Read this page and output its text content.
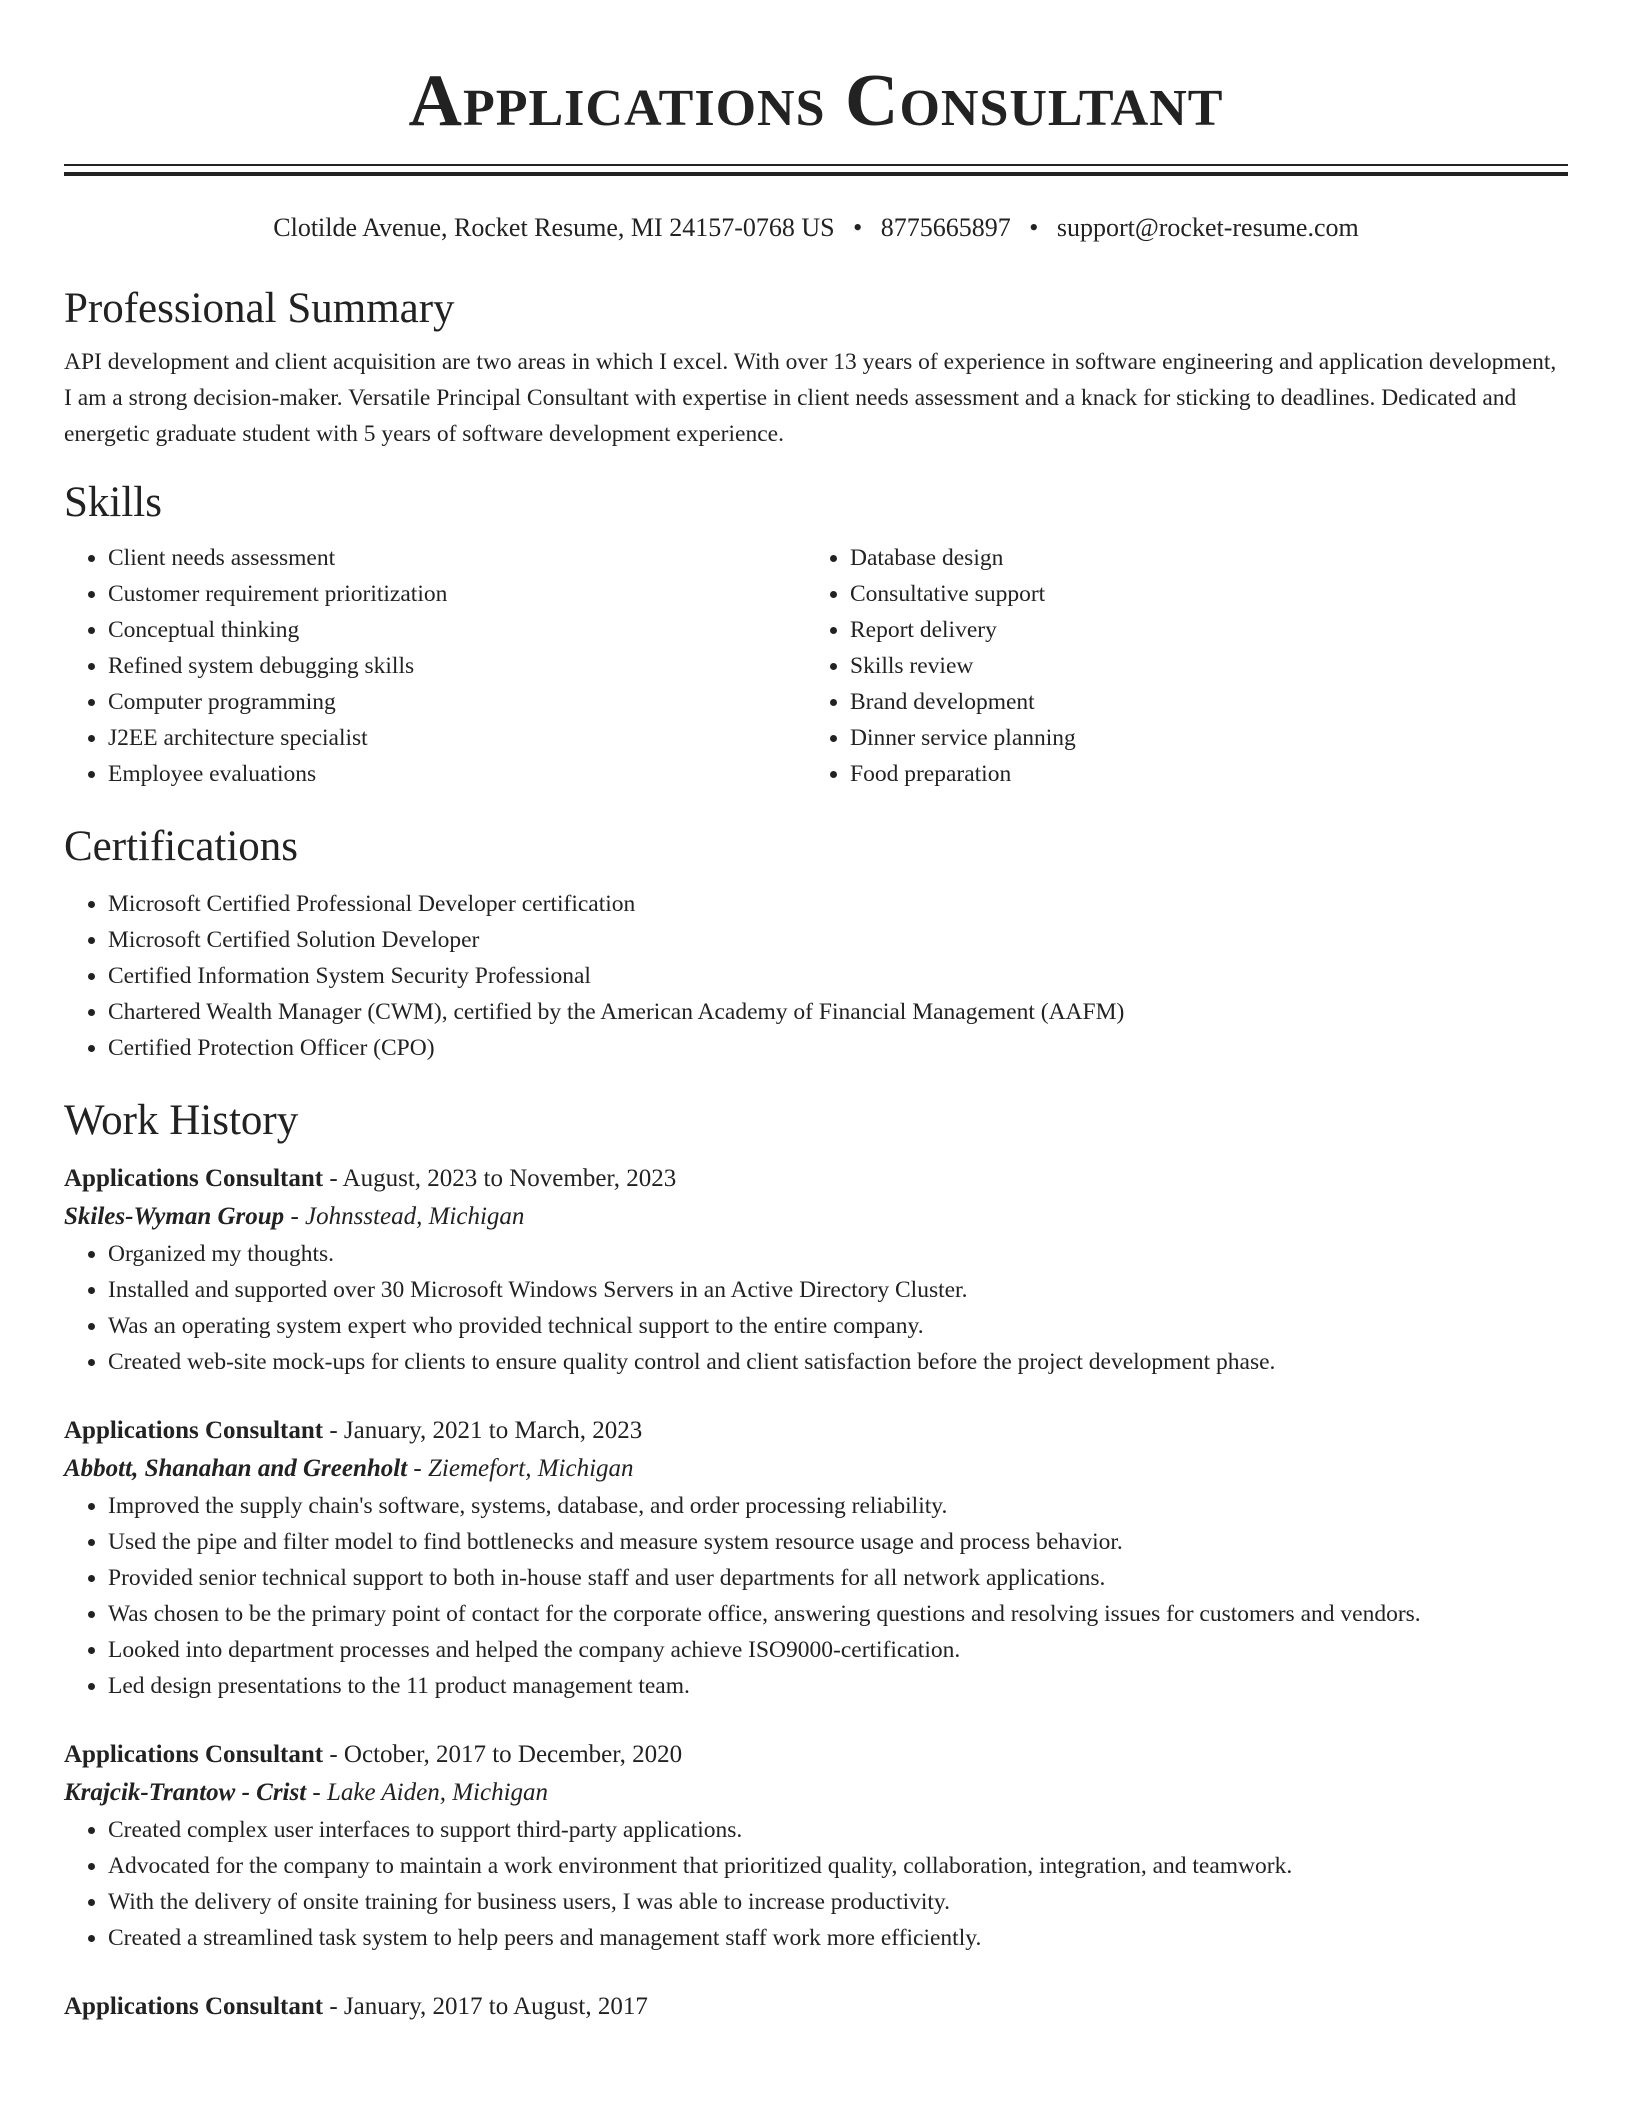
Applications Consultant
Clotilde Avenue, Rocket Resume, MI 24157-0768 US • 8775665897 • support@rocket-resume.com
Professional Summary

API development and client acquisition are two areas in which I excel. With over 13 years of experience in software engineering and application development, I am a strong decision-maker. Versatile Principal Consultant with expertise in client needs assessment and a knack for sticking to deadlines. Dedicated and energetic graduate student with 5 years of software development experience.

Skills
• Client needs assessment
• Customer requirement prioritization
• Conceptual thinking
• Refined system debugging skills
• Computer programming
• J2EE architecture specialist
• Employee evaluations
• Database design
• Consultative support
• Report delivery
• Skills review
• Brand development
• Dinner service planning
• Food preparation
Certifications
• Microsoft Certified Professional Developer certification
• Microsoft Certified Solution Developer
• Certified Information System Security Professional
• Chartered Wealth Manager (CWM), certified by the American Academy of Financial Management (AAFM)
• Certified Protection Officer (CPO)
Work History
Applications Consultant - August, 2023 to November, 2023
Skiles-Wyman Group - Johnsstead, Michigan
• Organized my thoughts.
• Installed and supported over 30 Microsoft Windows Servers in an Active Directory Cluster.
• Was an operating system expert who provided technical support to the entire company.
• Created web-site mock-ups for clients to ensure quality control and client satisfaction before the project development phase.
Applications Consultant - January, 2021 to March, 2023
Abbott, Shanahan and Greenholt - Ziemefort, Michigan
• Improved the supply chain's software, systems, database, and order processing reliability.
• Used the pipe and filter model to find bottlenecks and measure system resource usage and process behavior.
• Provided senior technical support to both in-house staff and user departments for all network applications.
• Was chosen to be the primary point of contact for the corporate office, answering questions and resolving issues for customers and vendors.
• Looked into department processes and helped the company achieve ISO9000-certification.
• Led design presentations to the 11 product management team.
Applications Consultant - October, 2017 to December, 2020
Krajcik-Trantow - Crist - Lake Aiden, Michigan
• Created complex user interfaces to support third-party applications.
• Advocated for the company to maintain a work environment that prioritized quality, collaboration, integration, and teamwork.
• With the delivery of onsite training for business users, I was able to increase productivity.
• Created a streamlined task system to help peers and management staff work more efficiently.
Applications Consultant - January, 2017 to August, 2017
